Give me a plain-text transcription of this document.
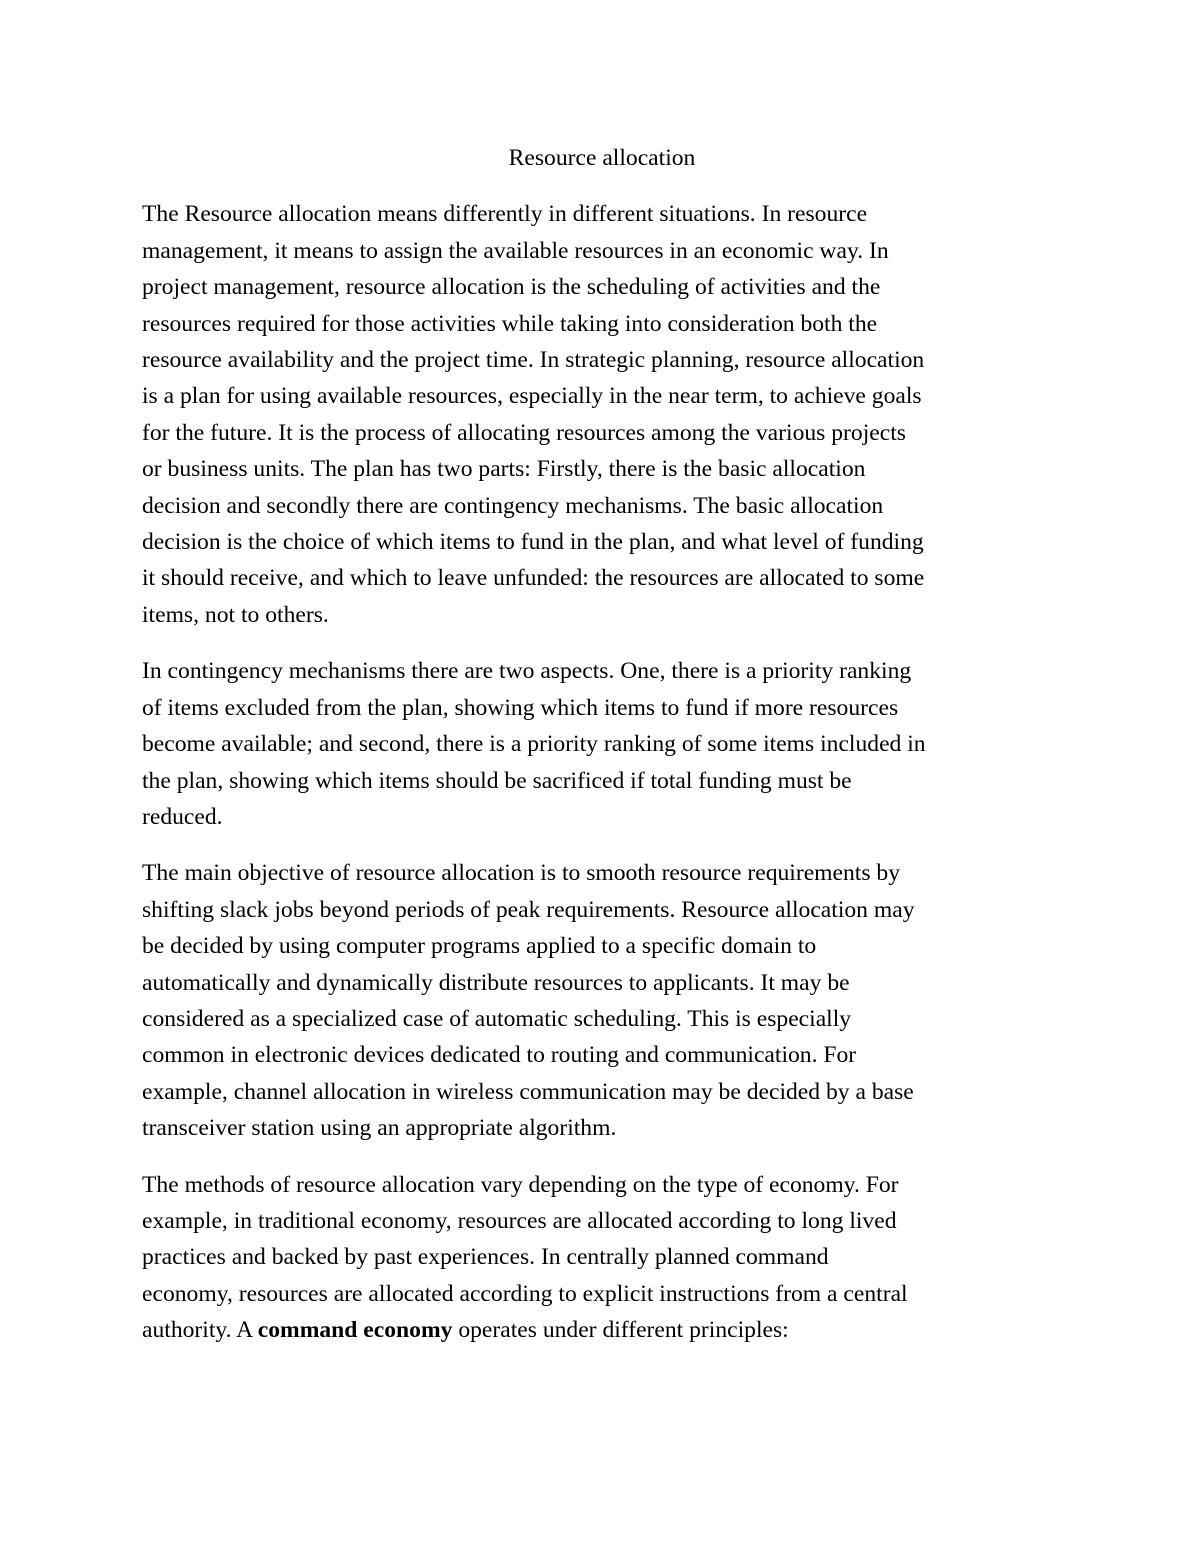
Resource allocation
The Resource allocation means differently in different situations. In resource
management, it means to assign the available resources in an economic way. In
project management, resource allocation is the scheduling of activities and the
resources required for those activities while taking into consideration both the
resource availability and the project time. In strategic planning, resource allocation
is a plan for using available resources, especially in the near term, to achieve goals
for the future. It is the process of allocating resources among the various projects
or business units. The plan has two parts: Firstly, there is the basic allocation
decision and secondly there are contingency mechanisms. The basic allocation
decision is the choice of which items to fund in the plan, and what level of funding
it should receive, and which to leave unfunded: the resources are allocated to some
items, not to others.
In contingency mechanisms there are two aspects. One, there is a priority ranking
of items excluded from the plan, showing which items to fund if more resources
become available; and second, there is a priority ranking of some items included in
the plan, showing which items should be sacrificed if total funding must be
reduced.
The main objective of resource allocation is to smooth resource requirements by
shifting slack jobs beyond periods of peak requirements. Resource allocation may
be decided by using computer programs applied to a specific domain to
automatically and dynamically distribute resources to applicants. It may be
considered as a specialized case of automatic scheduling. This is especially
common in electronic devices dedicated to routing and communication. For
example, channel allocation in wireless communication may be decided by a base
transceiver station using an appropriate algorithm.
The methods of resource allocation vary depending on the type of economy. For
example, in traditional economy, resources are allocated according to long lived
practices and backed by past experiences. In centrally planned command
economy, resources are allocated according to explicit instructions from a central
authority. A command economy operates under different principles:
